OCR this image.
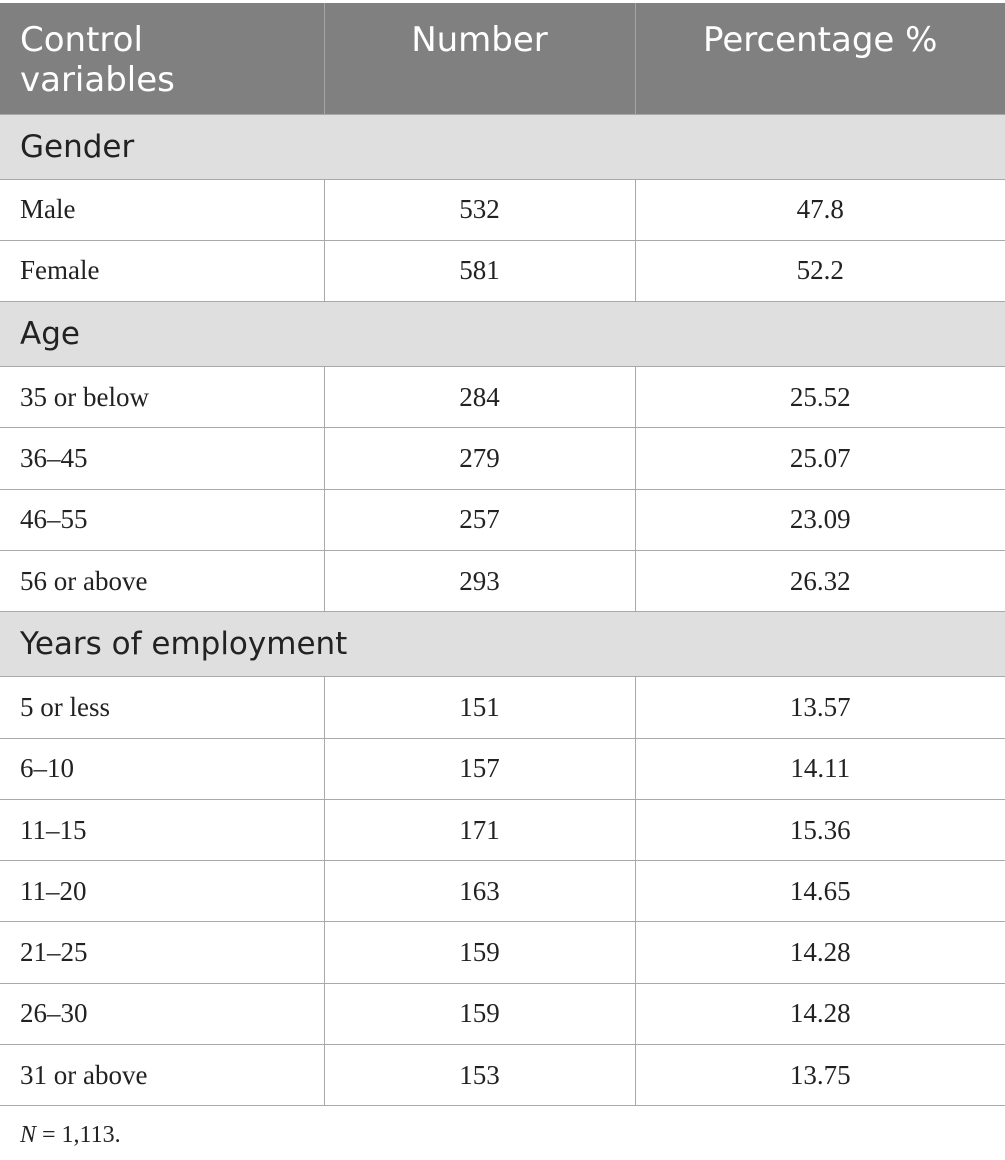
Control
variables	Number	Percentage %

Gender		
Male	532	47.8
Female	581	52.2
Age		
35 or below	284	25.52
36–45	279	25.07
46–55	257	23.09
56 or above	293	26.32
Years of employment		
5 or less	151	13.57
6–10	157	14.11
11–15	171	15.36
11–20	163	14.65
21–25	159	14.28
26–30	159	14.28
31 or above	153	13.75
N = 1,113.
